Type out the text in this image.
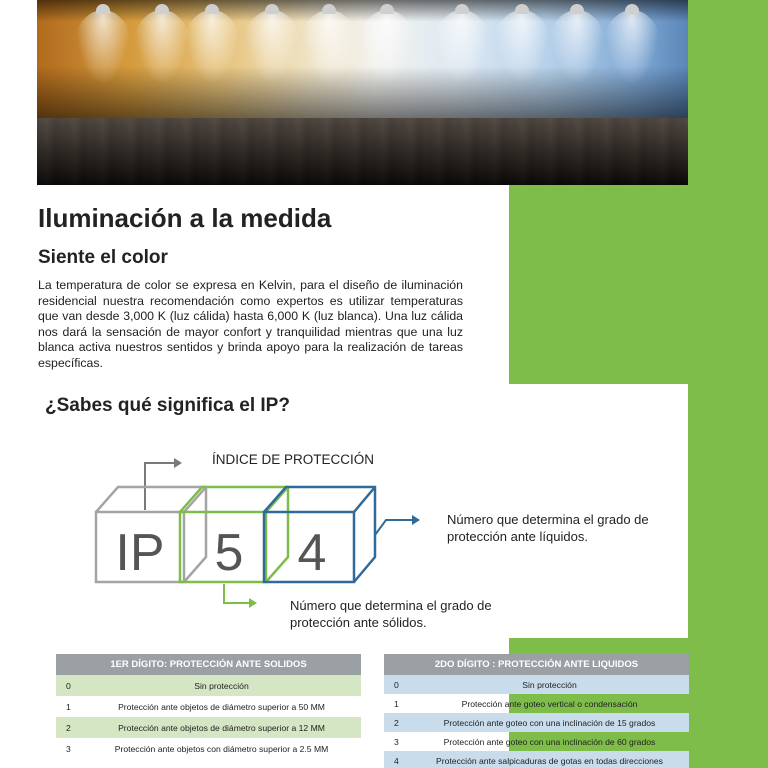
Iluminación a la medida
Siente el color

La temperatura de color se expresa en Kelvin, para el diseño de iluminación residencial nuestra recomendación como expertos es utilizar temperaturas que van desde 3,000 K (luz cálida) hasta 6,000 K (luz blanca). Una luz cálida nos dará la sensación de mayor confort y tranquilidad mientras que una luz blanca activa nuestros sentidos y brinda apoyo para la realización de tareas específicas.

¿Sabes qué significa el IP?
IP 5 4
ÍNDICE DE PROTECCIÓN
Número que determina el grado de protección ante líquidos.
Número que determina el grado de protección ante sólidos.
1ER DÍGITO: PROTECCIÓN ANTE SOLIDOS	
0	Sin protección
1	Protección ante objetos de diámetro superior a 50 MM
2	Protección ante objetos de diámetro superior a 12 MM
3	Protección ante objetos con diámetro superior a 2.5 MM
2DO DÍGITO : PROTECCIÓN ANTE LIQUIDOS	
0	Sin protección
1	Protección ante goteo vertical o condensación
2	Protección ante goteo con una inclinación de 15 grados
3	Protección ante goteo con una inclinación de 60 grados
4	Protección ante salpicaduras de gotas en todas direcciones
